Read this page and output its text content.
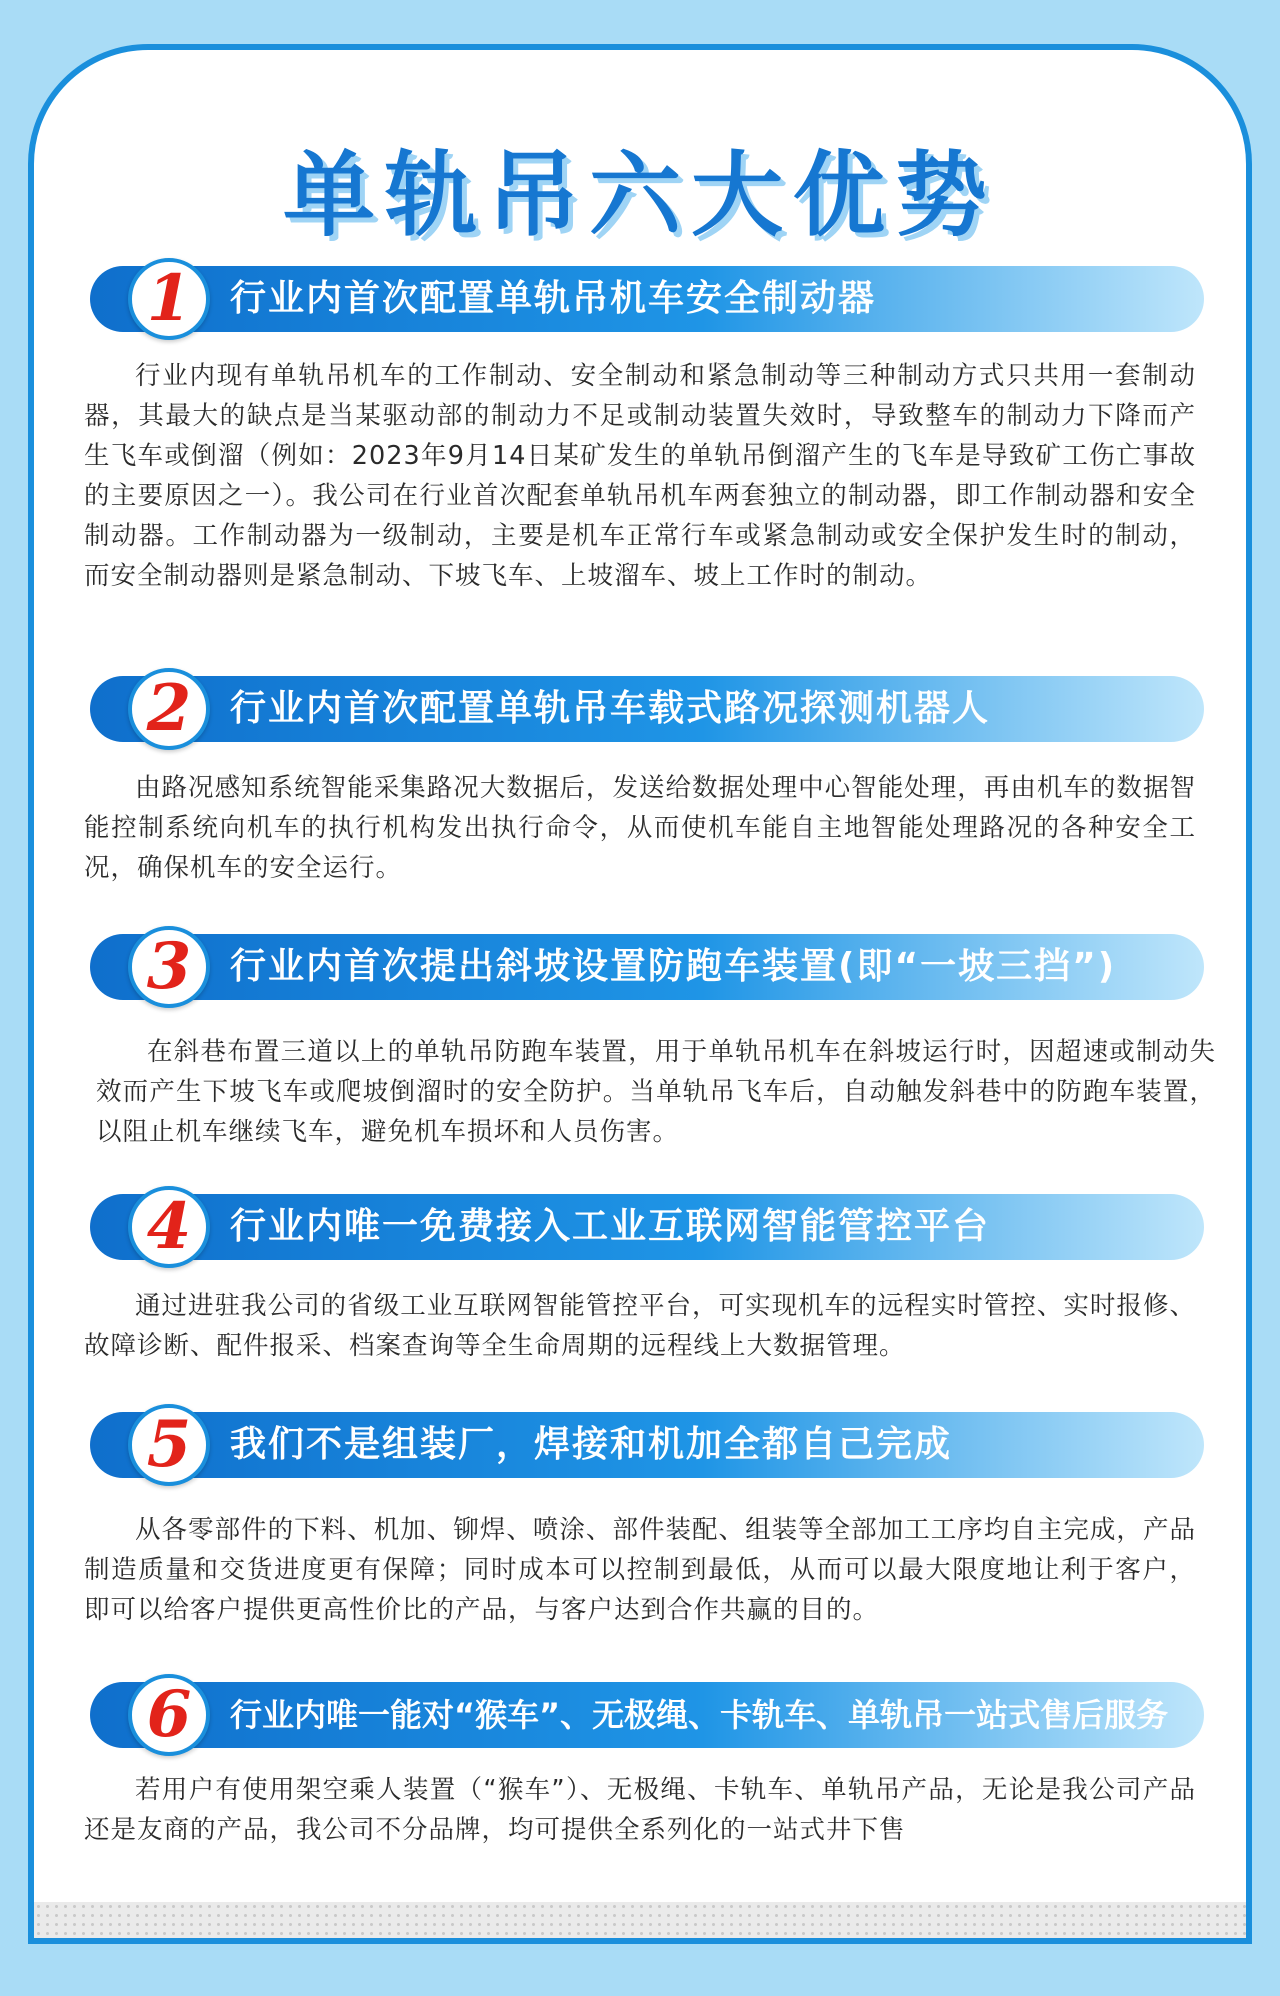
单轨吊六大优势
1	行业内首次配置单轨吊机车安全制动器

行业内现有单轨吊机车的工作制动、安全制动和紧急制动等三种制动方式只共用一套制动器，其最大的缺点是当某驱动部的制动力不足或制动装置失效时，导致整车的制动力下降而产生飞车或倒溜（例如：2023年9月14日某矿发生的单轨吊倒溜产生的飞车是导致矿工伤亡事故的主要原因之一）。我公司在行业首次配套单轨吊机车两套独立的制动器，即工作制动器和安全制动器。工作制动器为一级制动，主要是机车正常行车或紧急制动或安全保护发生时的制动，而安全制动器则是紧急制动、下坡飞车、上坡溜车、坡上工作时的制动。

2	行业内首次配置单轨吊车载式路况探测机器人

由路况感知系统智能采集路况大数据后，发送给数据处理中心智能处理，再由机车的数据智能控制系统向机车的执行机构发出执行命令，从而使机车能自主地智能处理路况的各种安全工况，确保机车的安全运行。

3	行业内首次提出斜坡设置防跑车装置(即“一坡三挡”)

在斜巷布置三道以上的单轨吊防跑车装置，用于单轨吊机车在斜坡运行时，因超速或制动失效而产生下坡飞车或爬坡倒溜时的安全防护。当单轨吊飞车后，自动触发斜巷中的防跑车装置，以阻止机车继续飞车，避免机车损坏和人员伤害。

4	行业内唯一免费接入工业互联网智能管控平台

通过进驻我公司的省级工业互联网智能管控平台，可实现机车的远程实时管控、实时报修、故障诊断、配件报采、档案查询等全生命周期的远程线上大数据管理。

5	我们不是组装厂，焊接和机加全都自己完成

从各零部件的下料、机加、铆焊、喷涂、部件装配、组装等全部加工工序均自主完成，产品制造质量和交货进度更有保障；同时成本可以控制到最低，从而可以最大限度地让利于客户，即可以给客户提供更高性价比的产品，与客户达到合作共赢的目的。

6	行业内唯一能对“猴车”、无极绳、卡轨车、单轨吊一站式售后服务

若用户有使用架空乘人装置（“猴车”）、无极绳、卡轨车、单轨吊产品，无论是我公司产品还是友商的产品，我公司不分品牌，均可提供全系列化的一站式井下售
